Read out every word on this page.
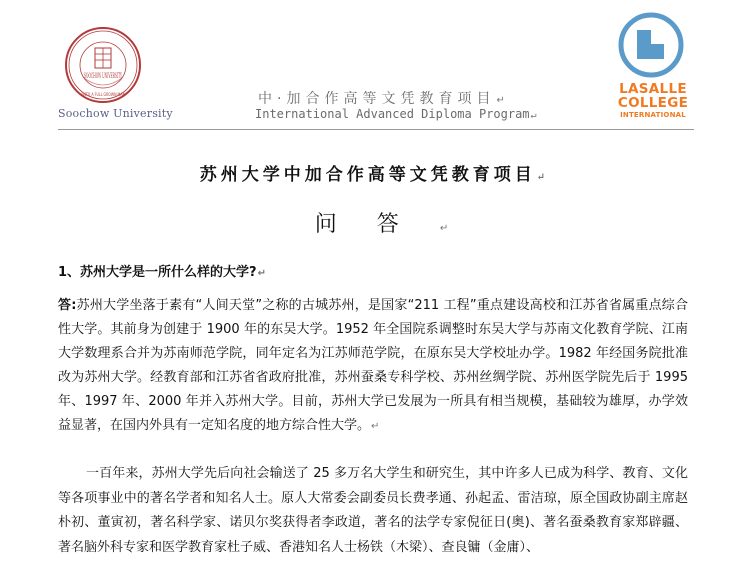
SOOCHOW UNIVERSITY
UNTO A FULL GROWN MAN
Soochow University
中·加合作高等文凭教育项目↵
International Advanced Diploma Program↵
LASALLE
COLLEGE
INTERNATIONAL
苏州大学中加合作高等文凭教育项目↵
问答↵
1、苏州大学是一所什么样的大学?↵
答:苏州大学坐落于素有“人间天堂”之称的古城苏州，是国家“211 工程”重点建设高校和江苏省省属重点综合性大学。其前身为创建于 1900 年的东吴大学。1952 年全国院系调整时东吴大学与苏南文化教育学院、江南大学数理系合并为苏南师范学院，同年定名为江苏师范学院，在原东吴大学校址办学。1982 年经国务院批准改为苏州大学。经教育部和江苏省省政府批准，苏州蚕桑专科学校、苏州丝绸学院、苏州医学院先后于 1995 年、1997 年、2000 年并入苏州大学。目前，苏州大学已发展为一所具有相当规模，基础较为雄厚，办学效益显著，在国内外具有一定知名度的地方综合性大学。↵
一百年来，苏州大学先后向社会输送了 25 多万名大学生和研究生，其中许多人已成为科学、教育、文化等各项事业中的著名学者和知名人士。原人大常委会副委员长费孝通、孙起孟、雷洁琼，原全国政协副主席赵朴初、董寅初，著名科学家、诺贝尔奖获得者李政道，著名的法学专家倪征日(奥)、著名蚕桑教育家郑辟疆、著名脑外科专家和医学教育家杜子威、香港知名人士杨铁（木梁）、查良镛（金庸）、
